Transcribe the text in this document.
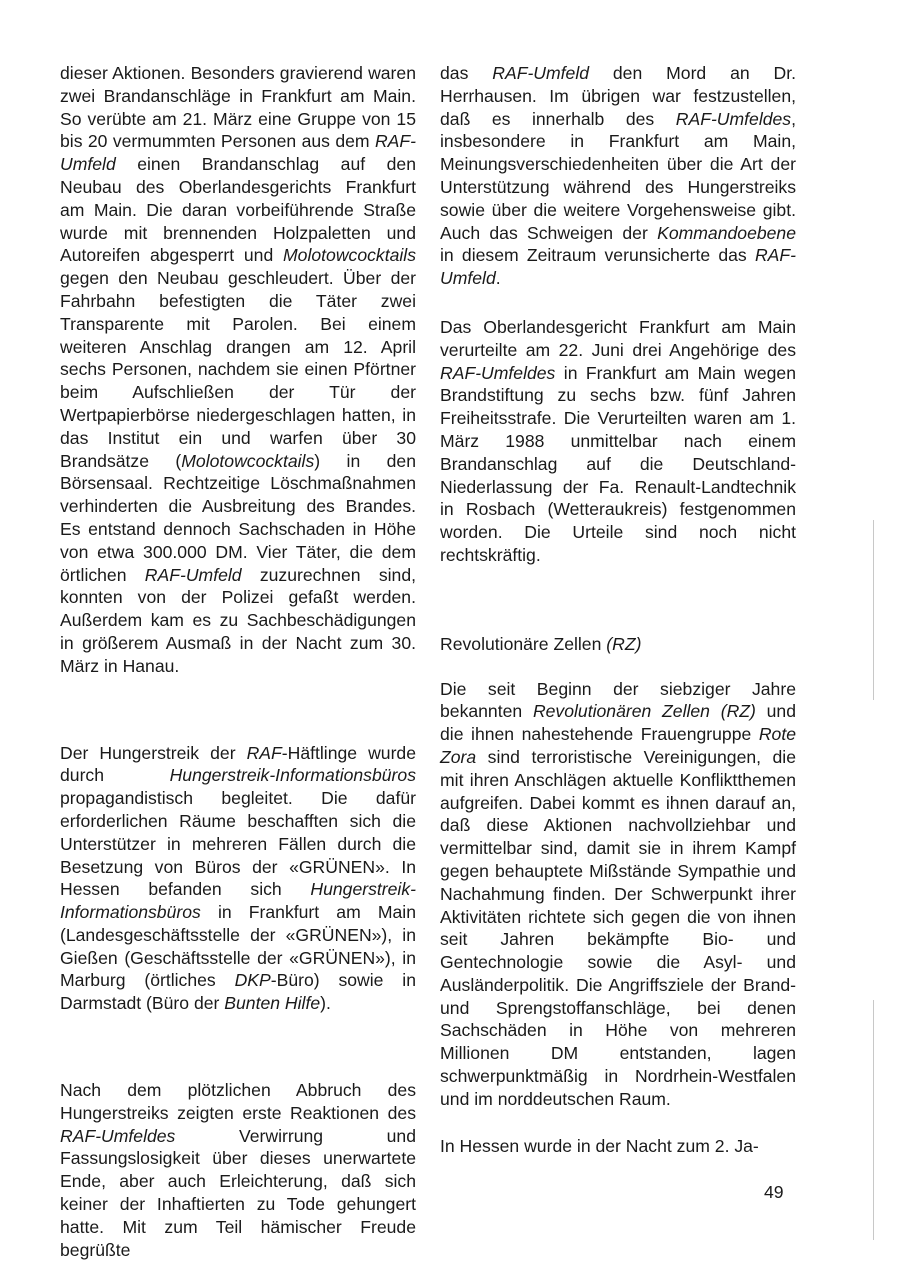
dieser Aktionen. Besonders gravierend waren zwei Brandanschläge in Frankfurt am Main. So verübte am 21. März eine Gruppe von 15 bis 20 vermummten Personen aus dem RAF-Umfeld einen Brandanschlag auf den Neubau des Oberlandesgerichts Frankfurt am Main. Die daran vorbeiführende Straße wurde mit brennenden Holzpaletten und Autoreifen abgesperrt und Molotowcocktails gegen den Neubau geschleudert. Über der Fahrbahn befestigten die Täter zwei Transparente mit Parolen. Bei einem weiteren Anschlag drangen am 12. April sechs Personen, nachdem sie einen Pförtner beim Aufschließen der Tür der Wertpapierbörse niedergeschlagen hatten, in das Institut ein und warfen über 30 Brandsätze (Molotowcocktails) in den Börsensaal. Rechtzeitige Löschmaßnahmen verhinderten die Ausbreitung des Brandes. Es entstand dennoch Sachschaden in Höhe von etwa 300.000 DM. Vier Täter, die dem örtlichen RAF-Umfeld zuzurechnen sind, konnten von der Polizei gefaßt werden. Außerdem kam es zu Sachbeschädigungen in größerem Ausmaß in der Nacht zum 30. März in Hanau.

Der Hungerstreik der RAF-Häftlinge wurde durch Hungerstreik-Informationsbüros propagandistisch begleitet. Die dafür erforderlichen Räume beschafften sich die Unterstützer in mehreren Fällen durch die Besetzung von Büros der «GRÜNEN». In Hessen befanden sich Hungerstreik-Informationsbüros in Frankfurt am Main (Landesgeschäftsstelle der «GRÜNEN»), in Gießen (Geschäftsstelle der «GRÜNEN»), in Marburg (örtliches DKP-Büro) sowie in Darmstadt (Büro der Bunten Hilfe).

Nach dem plötzlichen Abbruch des Hungerstreiks zeigten erste Reaktionen des RAF-Umfeldes Verwirrung und Fassungslosigkeit über dieses unerwartete Ende, aber auch Erleichterung, daß sich keiner der Inhaftierten zu Tode gehungert hatte. Mit zum Teil hämischer Freude begrüßte

das RAF-Umfeld den Mord an Dr. Herrhausen. Im übrigen war festzustellen, daß es innerhalb des RAF-Umfeldes, insbesondere in Frankfurt am Main, Meinungsverschiedenheiten über die Art der Unterstützung während des Hungerstreiks sowie über die weitere Vorgehensweise gibt. Auch das Schweigen der Kommandoebene in diesem Zeitraum verunsicherte das RAF-Umfeld.

Das Oberlandesgericht Frankfurt am Main verurteilte am 22. Juni drei Angehörige des RAF-Umfeldes in Frankfurt am Main wegen Brandstiftung zu sechs bzw. fünf Jahren Freiheitsstrafe. Die Verurteilten waren am 1. März 1988 unmittelbar nach einem Brandanschlag auf die Deutschland-Niederlassung der Fa. Renault-Landtechnik in Rosbach (Wetteraukreis) festgenommen worden. Die Urteile sind noch nicht rechtskräftig.

Revolutionäre Zellen (RZ)

Die seit Beginn der siebziger Jahre bekannten Revolutionären Zellen (RZ) und die ihnen nahestehende Frauengruppe Rote Zora sind terroristische Vereinigungen, die mit ihren Anschlägen aktuelle Konfliktthemen aufgreifen. Dabei kommt es ihnen darauf an, daß diese Aktionen nachvollziehbar und vermittelbar sind, damit sie in ihrem Kampf gegen behauptete Mißstände Sympathie und Nachahmung finden. Der Schwerpunkt ihrer Aktivitäten richtete sich gegen die von ihnen seit Jahren bekämpfte Bio- und Gentechnologie sowie die Asyl- und Ausländerpolitik. Die Angriffsziele der Brand- und Sprengstoffanschläge, bei denen Sachschäden in Höhe von mehreren Millionen DM entstanden, lagen schwerpunktmäßig in Nordrhein-Westfalen und im norddeutschen Raum.

In Hessen wurde in der Nacht zum 2. Ja-

49
